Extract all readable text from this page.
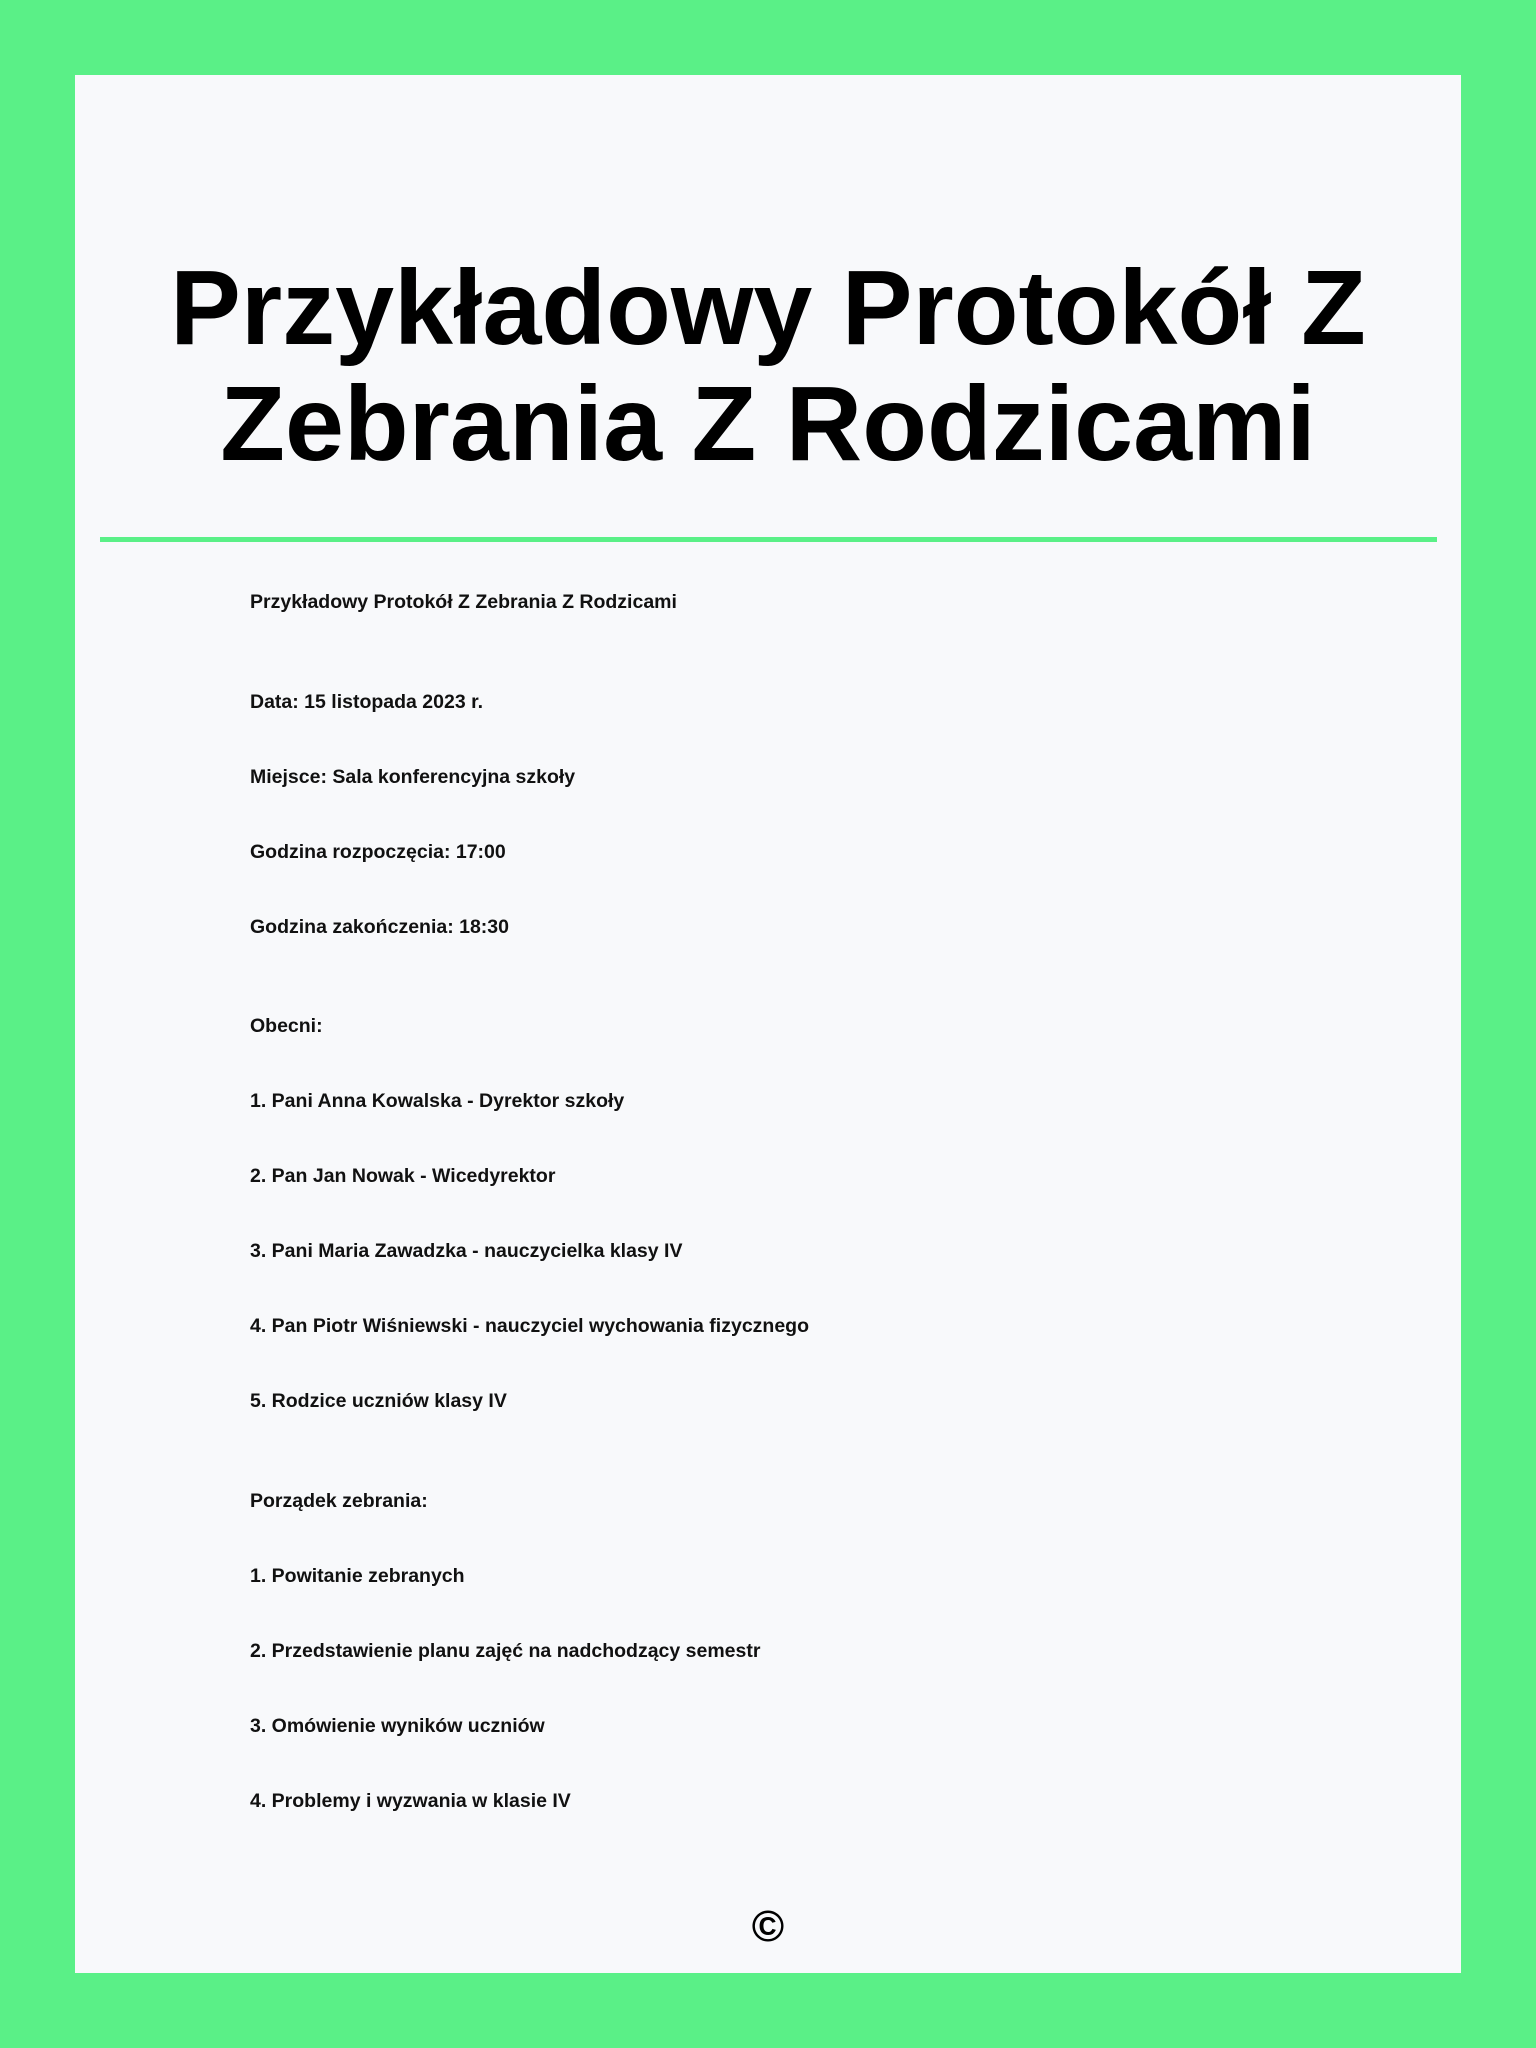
Przykładowy Protokół Z
Zebrania Z Rodzicami
Przykładowy Protokół Z Zebrania Z Rodzicami
Data: 15 listopada 2023 r.
Miejsce: Sala konferencyjna szkoły
Godzina rozpoczęcia: 17:00
Godzina zakończenia: 18:30
Obecni:
1. Pani Anna Kowalska - Dyrektor szkoły
2. Pan Jan Nowak - Wicedyrektor
3. Pani Maria Zawadzka - nauczycielka klasy IV
4. Pan Piotr Wiśniewski - nauczyciel wychowania fizycznego
5. Rodzice uczniów klasy IV
Porządek zebrania:
1. Powitanie zebranych
2. Przedstawienie planu zajęć na nadchodzący semestr
3. Omówienie wyników uczniów
4. Problemy i wyzwania w klasie IV
©
